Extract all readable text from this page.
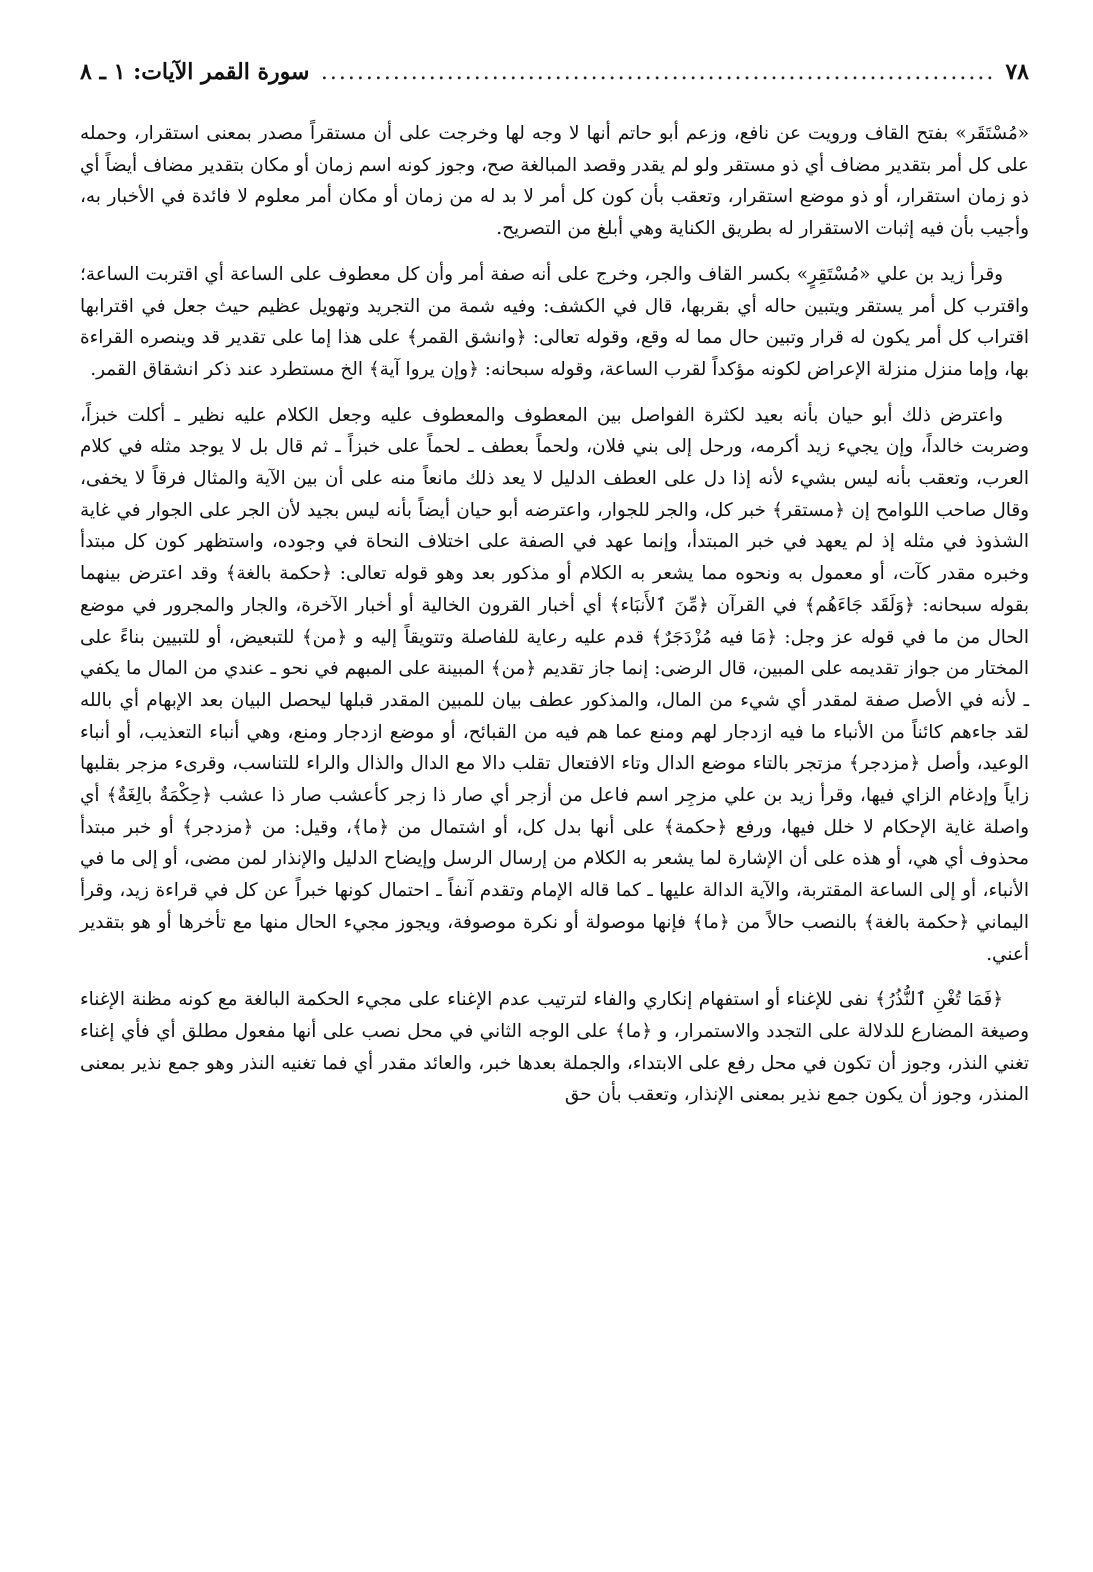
٧٨
.....
سورة القمر الآيات: ١ ـ ٨

«مُسْتَقَر» بفتح القاف ورويت عن نافع، وزعم أبو حاتم أنها لا وجه لها وخرجت على أن مستقراً مصدر بمعنى استقرار، وحمله على كل أمر بتقدير مضاف أي ذو مستقر ولو لم يقدر وقصد المبالغة صح، وجوز كونه اسم زمان أو مكان بتقدير مضاف أيضاً أي ذو زمان استقرار، أو ذو موضع استقرار، وتعقب بأن كون كل أمر لا بد له من زمان أو مكان أمر معلوم لا فائدة في الأخبار به، وأجيب بأن فيه إثبات الاستقرار له بطريق الكناية وهي أبلغ من التصريح.

وقرأ زيد بن علي «مُسْتَقِرٍ» بكسر القاف والجر، وخرج على أنه صفة أمر وأن كل معطوف على الساعة أي اقتربت الساعة؛ واقترب كل أمر يستقر ويتبين حاله أي بقربها، قال في الكشف: وفيه شمة من التجريد وتهويل عظيم حيث جعل في اقترابها اقتراب كل أمر يكون له قرار وتبين حال مما له وقع، وقوله تعالى: ﴿وانشق القمر﴾ على هذا إما على تقدير قد وينصره القراءة بها، وإما منزل منزلة الإعراض لكونه مؤكداً لقرب الساعة، وقوله سبحانه: ﴿وإن يروا آية﴾ الخ مستطرد عند ذكر انشقاق القمر.

واعترض ذلك أبو حيان بأنه بعيد لكثرة الفواصل بين المعطوف والمعطوف عليه وجعل الكلام عليه نظير ـ أكلت خبزاً، وضربت خالداً، وإن يجيء زيد أكرمه، ورحل إلى بني فلان، ولحماً بعطف ـ لحماً على خبزاً ـ ثم قال بل لا يوجد مثله في كلام العرب، وتعقب بأنه ليس بشيء لأنه إذا دل على العطف الدليل لا يعد ذلك مانعاً منه على أن بين الآية والمثال فرقاً لا يخفى، وقال صاحب اللوامح إن ﴿مستقر﴾ خبر كل، والجر للجوار، واعترضه أبو حيان أيضاً بأنه ليس بجيد لأن الجر على الجوار في غاية الشذوذ في مثله إذ لم يعهد في خبر المبتدأ، وإنما عهد في الصفة على اختلاف النحاة في وجوده، واستظهر كون كل مبتدأ وخبره مقدر كآت، أو معمول به ونحوه مما يشعر به الكلام أو مذكور بعد وهو قوله تعالى: ﴿حكمة بالغة﴾ وقد اعترض بينهما بقوله سبحانه: ﴿وَلَقَد جَاءَهُم﴾ في القرآن ﴿مِّنَ ٱلأَنبَاء﴾ أي أخبار القرون الخالية أو أخبار الآخرة، والجار والمجرور في موضع الحال من ما في قوله عز وجل: ﴿مَا فيه مُزْدَجَرٌ﴾ قدم عليه رعاية للفاصلة وتتويقاً إليه و ﴿من﴾ للتبعيض، أو للتبيين بناءً على المختار من جواز تقديمه على المبين، قال الرضى: إنما جاز تقديم ﴿من﴾ المبينة على المبهم في نحو ـ عندي من المال ما يكفي ـ لأنه في الأصل صفة لمقدر أي شيء من المال، والمذكور عطف بيان للمبين المقدر قبلها ليحصل البيان بعد الإبهام أي بالله لقد جاءهم كائناً من الأنباء ما فيه ازدجار لهم ومنع عما هم فيه من القبائح، أو موضع ازدجار ومنع، وهي أنباء التعذيب، أو أنباء الوعيد، وأصل ﴿مزدجر﴾ مزتجر بالتاء موضع الدال وتاء الافتعال تقلب دالا مع الدال والذال والراء للتناسب، وقرىء مزجر بقلبها زاياً وإدغام الزاي فيها، وقرأ زيد بن علي مزجِر اسم فاعل من أزجر أي صار ذا زجر كأعشب صار ذا عشب ﴿حِكْمَةٌ بالِغَةٌ﴾ أي واصلة غاية الإحكام لا خلل فيها، ورفع ﴿حكمة﴾ على أنها بدل كل، أو اشتمال من ﴿ما﴾، وقيل: من ﴿مزدجر﴾ أو خبر مبتدأ محذوف أي هي، أو هذه على أن الإشارة لما يشعر به الكلام من إرسال الرسل وإيضاح الدليل والإنذار لمن مضى، أو إلى ما في الأنباء، أو إلى الساعة المقتربة، والآية الدالة عليها ـ كما قاله الإمام وتقدم آنفاً ـ احتمال كونها خبراً عن كل في قراءة زيد، وقرأ اليماني ﴿حكمة بالغة﴾ بالنصب حالاً من ﴿ما﴾ فإنها موصولة أو نكرة موصوفة، ويجوز مجيء الحال منها مع تأخرها أو هو بتقدير أعني.

﴿فَمَا تُغْنِ ٱلنُّذُرُ﴾ نفى للإغناء أو استفهام إنكاري والفاء لترتيب عدم الإغناء على مجيء الحكمة البالغة مع كونه مظنة الإغناء وصيغة المضارع للدلالة على التجدد والاستمرار، و ﴿ما﴾ على الوجه الثاني في محل نصب على أنها مفعول مطلق أي فأي إغناء تغني النذر، وجوز أن تكون في محل رفع على الابتداء، والجملة بعدها خبر، والعائد مقدر أي فما تغنيه النذر وهو جمع نذير بمعنى المنذر، وجوز أن يكون جمع نذير بمعنى الإنذار، وتعقب بأن حق
